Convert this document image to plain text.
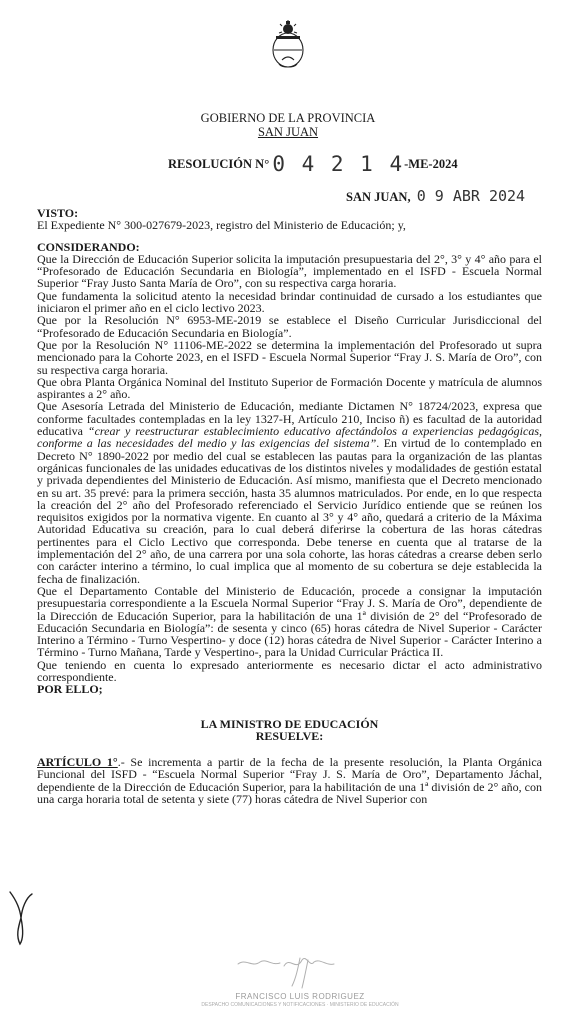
GOBIERNO DE LA PROVINCIA
SAN JUAN
RESOLUCIÓN N° 0 4 2 1 4-ME-2024
SAN JUAN, 0 9 ABR 2024

VISTO:

El Expediente N° 300-027679-2023, registro del Ministerio de Educación; y,

CONSIDERANDO:

Que la Dirección de Educación Superior solicita la imputación presupuestaria del 2°, 3° y 4° año para el “Profesorado de Educación Secundaria en Biología”, implementado en el ISFD - Escuela Normal Superior “Fray Justo Santa María de Oro”, con su respectiva carga horaria.

Que fundamenta la solicitud atento la necesidad brindar continuidad de cursado a los estudiantes que iniciaron el primer año en el ciclo lectivo 2023.

Que por la Resolución N° 6953-ME-2019 se establece el Diseño Curricular Jurisdiccional del “Profesorado de Educación Secundaria en Biología”.

Que por la Resolución N° 11106-ME-2022 se determina la implementación del Profesorado ut supra mencionado para la Cohorte 2023, en el ISFD - Escuela Normal Superior “Fray J. S. María de Oro”, con su respectiva carga horaria.

Que obra Planta Orgánica Nominal del Instituto Superior de Formación Docente y matrícula de alumnos aspirantes a 2° año.

Que Asesoría Letrada del Ministerio de Educación, mediante Dictamen N° 18724/2023, expresa que conforme facultades contempladas en la ley 1327-H, Artículo 210, Inciso ñ) es facultad de la autoridad educativa “crear y reestructurar establecimiento educativo afectándolos a experiencias pedagógicas, conforme a las necesidades del medio y las exigencias del sistema”. En virtud de lo contemplado en Decreto N° 1890-2022 por medio del cual se establecen las pautas para la organización de las plantas orgánicas funcionales de las unidades educativas de los distintos niveles y modalidades de gestión estatal y privada dependientes del Ministerio de Educación. Así mismo, manifiesta que el Decreto mencionado en su art. 35 prevé: para la primera sección, hasta 35 alumnos matriculados. Por ende, en lo que respecta la creación del 2° año del Profesorado referenciado el Servicio Jurídico entiende que se reúnen los requisitos exigidos por la normativa vigente. En cuanto al 3° y 4° año, quedará a criterio de la Máxima Autoridad Educativa su creación, para lo cual deberá diferirse la cobertura de las horas cátedras pertinentes para el Ciclo Lectivo que corresponda. Debe tenerse en cuenta que al tratarse de la implementación del 2° año, de una carrera por una sola cohorte, las horas cátedras a crearse deben serlo con carácter interino a término, lo cual implica que al momento de su cobertura se deje establecida la fecha de finalización.

Que el Departamento Contable del Ministerio de Educación, procede a consignar la imputación presupuestaria correspondiente a la Escuela Normal Superior “Fray J. S. María de Oro”, dependiente de la Dirección de Educación Superior, para la habilitación de una 1ª división de 2° del “Profesorado de Educación Secundaria en Biología”: de sesenta y cinco (65) horas cátedra de Nivel Superior - Carácter Interino a Término - Turno Vespertino- y doce (12) horas cátedra de Nivel Superior - Carácter Interino a Término - Turno Mañana, Tarde y Vespertino-, para la Unidad Curricular Práctica II.

Que teniendo en cuenta lo expresado anteriormente es necesario dictar el acto administrativo correspondiente.

POR ELLO;

LA MINISTRO DE EDUCACIÓN

RESUELVE:

ARTÍCULO 1°.- Se incrementa a partir de la fecha de la presente resolución, la Planta Orgánica Funcional del ISFD - “Escuela Normal Superior “Fray J. S. María de Oro”, Departamento Jáchal, dependiente de la Dirección de Educación Superior, para la habilitación de una 1ª división de 2° año, con una carga horaria total de setenta y siete (77) horas cátedra de Nivel Superior con

FRANCISCO LUIS RODRIGUEZ
DESPACHO COMUNICACIONES Y NOTIFICACIONES · MINISTERIO DE EDUCACIÓN
